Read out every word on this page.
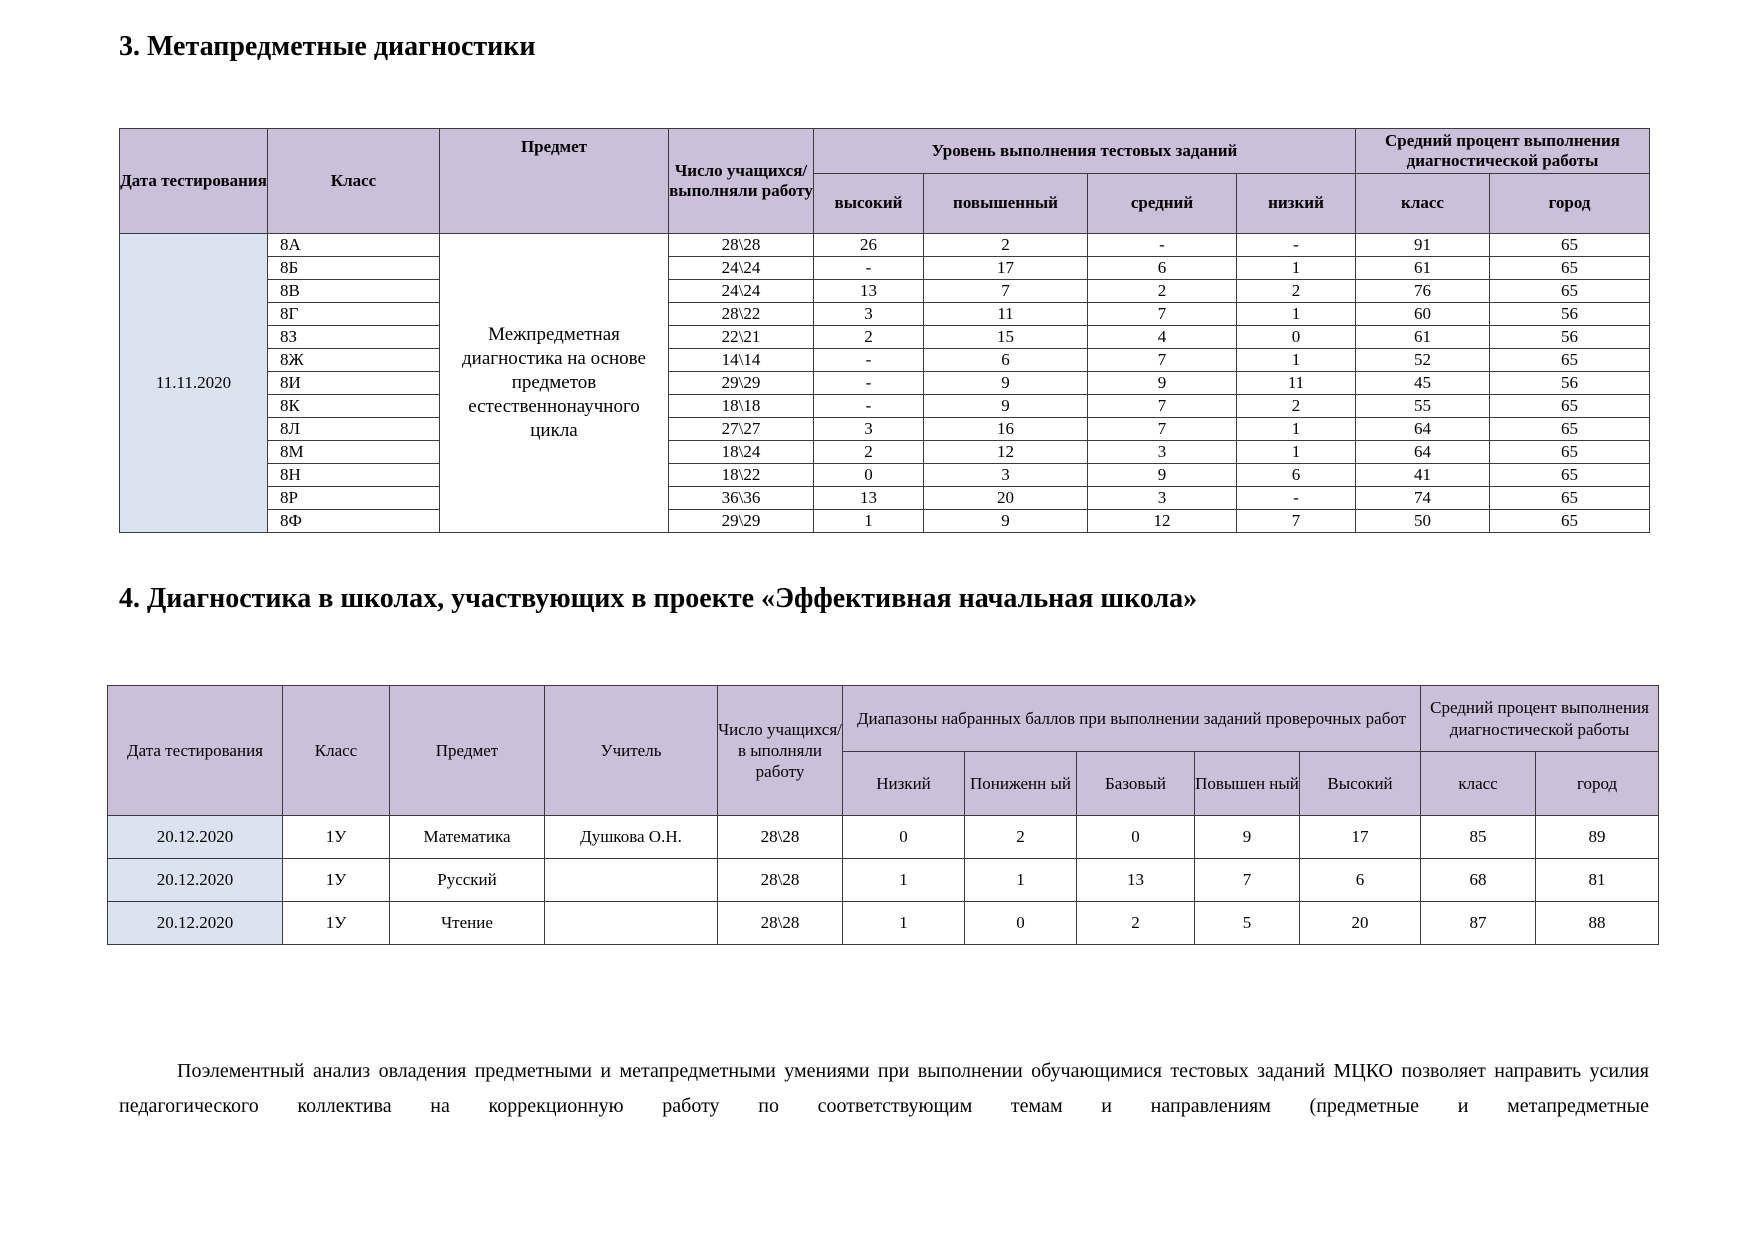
3. Метапредметные диагностики
Дата тестирования	Класс	Предмет	Число учащихся/ выполняли работу	Уровень выполнения тестовых заданий				Средний процент выполнения диагностической работы	
				высокий	повышенный	средний	низкий	класс	город
11.11.2020	8А	Межпредметная диагностика на основе предметов естественнонаучного цикла	28\28	26	2	-	-	91	65
	8Б		24\24	-	17	6	1	61	65
	8В		24\24	13	7	2	2	76	65
	8Г		28\22	3	11	7	1	60	56
	8З		22\21	2	15	4	0	61	56
	8Ж		14\14	-	6	7	1	52	65
	8И		29\29	-	9	9	11	45	56
	8К		18\18	-	9	7	2	55	65
	8Л		27\27	3	16	7	1	64	65
	8М		18\24	2	12	3	1	64	65
	8Н		18\22	0	3	9	6	41	65
	8Р		36\36	13	20	3	-	74	65
	8Ф		29\29	1	9	12	7	50	65
4. Диагностика в школах, участвующих в проекте «Эффективная начальная школа»
Дата тестирования	Класс	Предмет	Учитель	Число учащихся/в ыполняли работу	Диапазоны набранных баллов при выполнении заданий проверочных работ					Средний процент выполнения диагностической работы	
					Низкий	Пониженн ый	Базовый	Повышен ный	Высокий	класс	город
20.12.2020	1У	Математика	Душкова О.Н.	28\28	0	2	0	9	17	85	89
20.12.2020	1У	Русский		28\28	1	1	13	7	6	68	81
20.12.2020	1У	Чтение		28\28	1	0	2	5	20	87	88

Поэлементный анализ овладения предметными и метапредметными умениями при выполнении обучающимися тестовых заданий МЦКО позволяет направить усилия педагогического коллектива на коррекционную работу по соответствующим темам и направлениям (предметные и метапредметные
